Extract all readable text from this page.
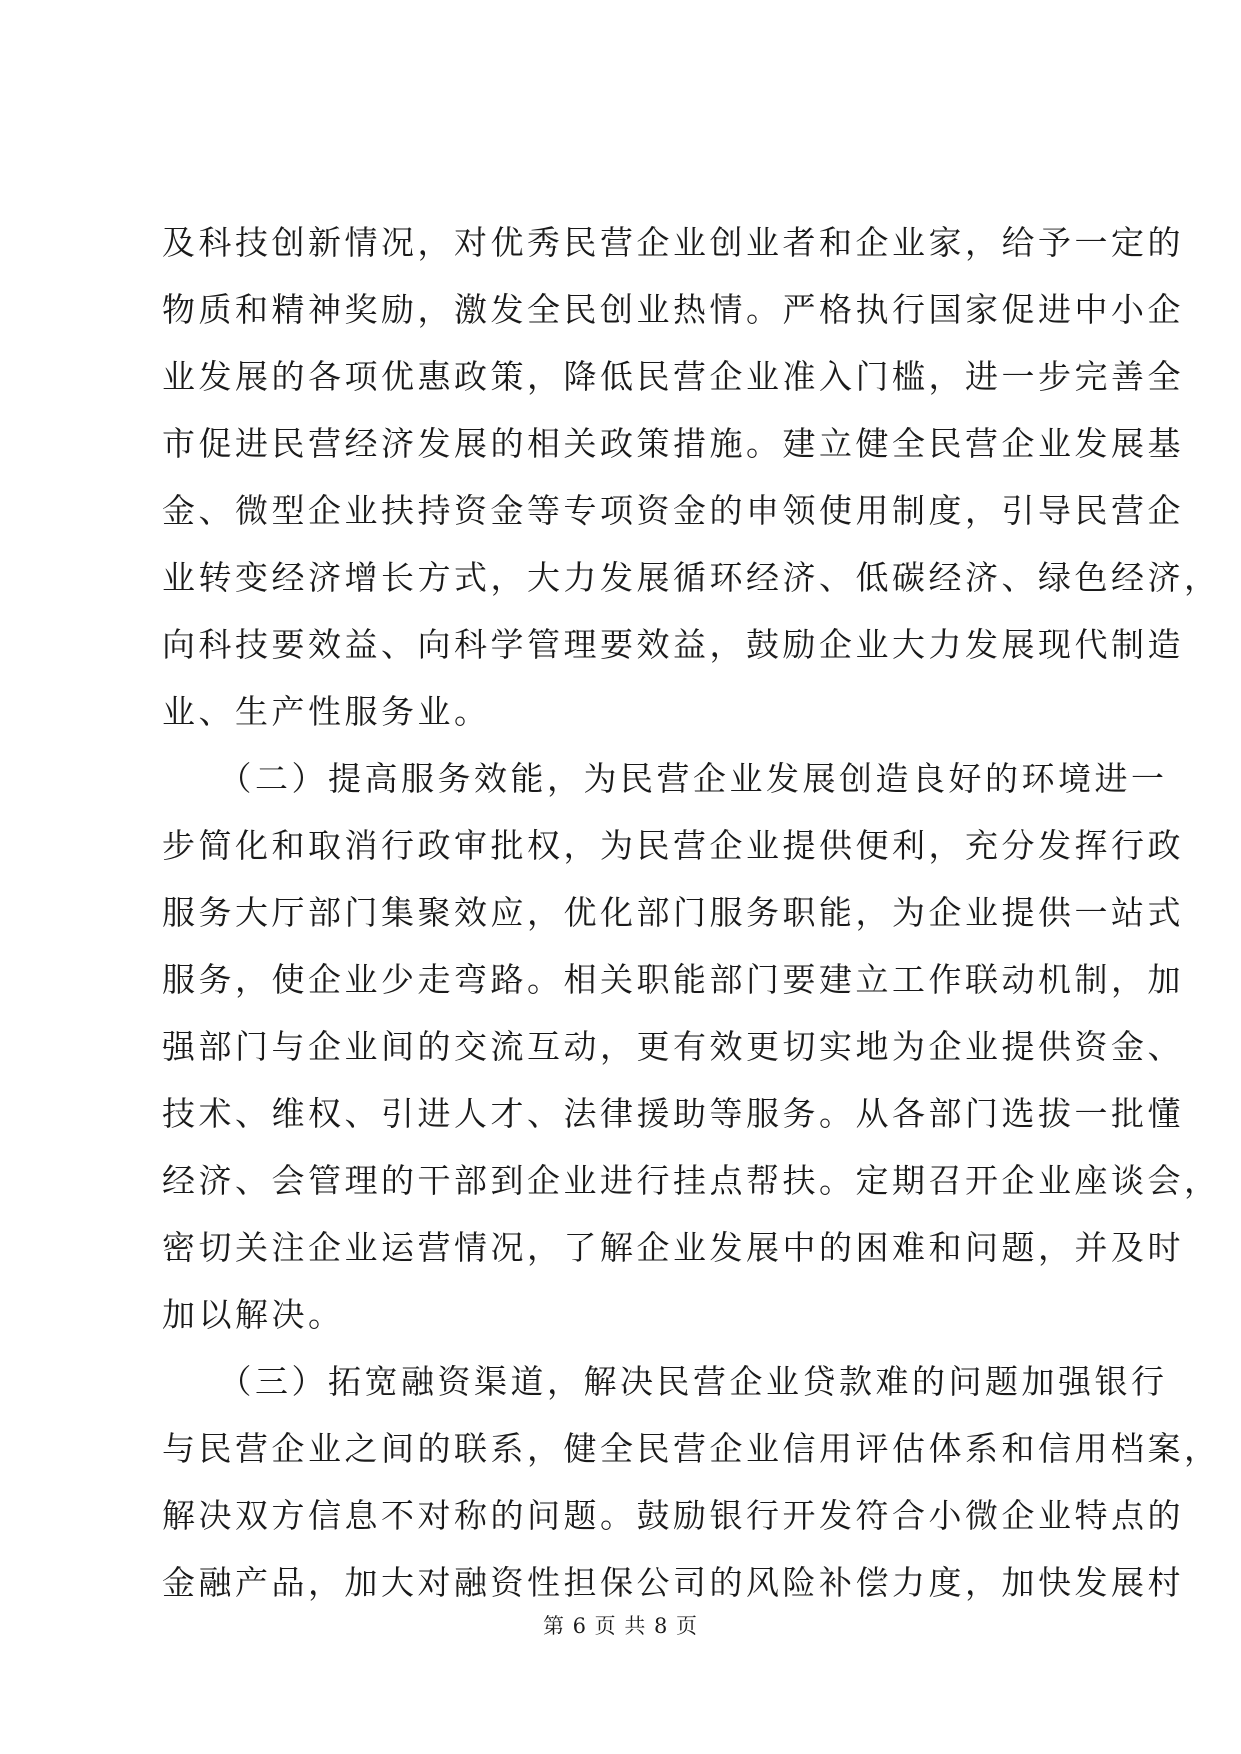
及科技创新情况，对优秀民营企业创业者和企业家，给予一定的
物质和精神奖励，激发全民创业热情。严格执行国家促进中小企
业发展的各项优惠政策，降低民营企业准入门槛，进一步完善全
市促进民营经济发展的相关政策措施。建立健全民营企业发展基
金、微型企业扶持资金等专项资金的申领使用制度，引导民营企
业转变经济增长方式，大力发展循环经济、低碳经济、绿色经济，
向科技要效益、向科学管理要效益，鼓励企业大力发展现代制造
业、生产性服务业。
　　（二）提高服务效能，为民营企业发展创造良好的环境进一
步简化和取消行政审批权，为民营企业提供便利，充分发挥行政
服务大厅部门集聚效应，优化部门服务职能，为企业提供一站式
服务，使企业少走弯路。相关职能部门要建立工作联动机制，加
强部门与企业间的交流互动，更有效更切实地为企业提供资金、
技术、维权、引进人才、法律援助等服务。从各部门选拔一批懂
经济、会管理的干部到企业进行挂点帮扶。定期召开企业座谈会，
密切关注企业运营情况，了解企业发展中的困难和问题，并及时
加以解决。
　　（三）拓宽融资渠道，解决民营企业贷款难的问题加强银行
与民营企业之间的联系，健全民营企业信用评估体系和信用档案，
解决双方信息不对称的问题。鼓励银行开发符合小微企业特点的
金融产品，加大对融资性担保公司的风险补偿力度，加快发展村
第 6 页 共 8 页
